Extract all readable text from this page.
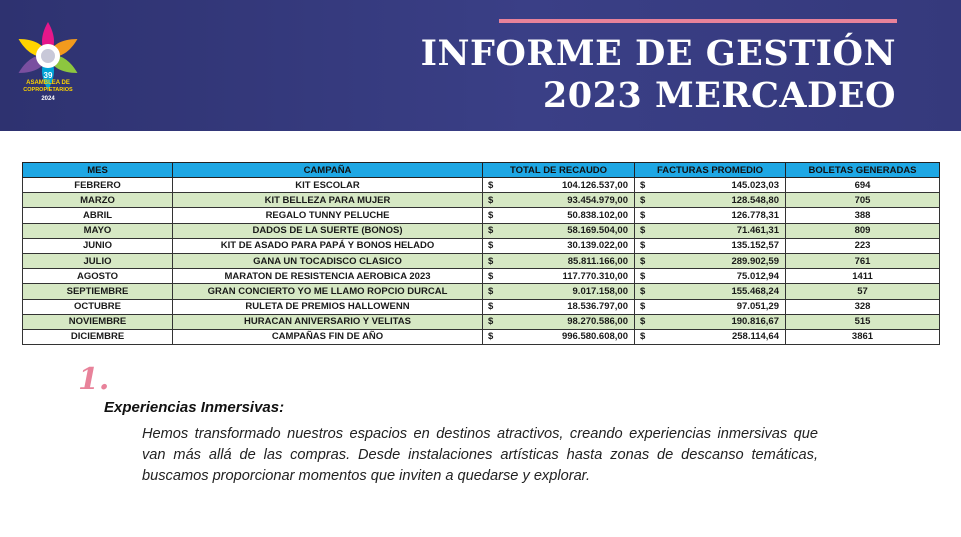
39
ASAMBLEA DE
COPROPIETARIOS
2024
INFORME DE GESTIÓN
2023 MERCADEO
MES	CAMPAÑA	TOTAL DE RECAUDO	FACTURAS PROMEDIO	BOLETAS GENERADAS
FEBRERO	KIT ESCOLAR	$ 104.126.537,00	$ 145.023,03	694
MARZO	KIT BELLEZA PARA MUJER	$ 93.454.979,00	$ 128.548,80	705
ABRIL	REGALO TUNNY PELUCHE	$ 50.838.102,00	$ 126.778,31	388
MAYO	DADOS DE LA SUERTE (BONOS)	$ 58.169.504,00	$ 71.461,31	809
JUNIO	KIT DE ASADO PARA PAPÁ Y BONOS HELADO	$ 30.139.022,00	$ 135.152,57	223
JULIO	GANA UN TOCADISCO CLASICO	$ 85.811.166,00	$ 289.902,59	761
AGOSTO	MARATON DE RESISTENCIA AEROBICA 2023	$ 117.770.310,00	$ 75.012,94	1411
SEPTIEMBRE	GRAN CONCIERTO YO ME LLAMO ROPCIO DURCAL	$ 9.017.158,00	$ 155.468,24	57
OCTUBRE	RULETA DE PREMIOS HALLOWENN	$ 18.536.797,00	$ 97.051,29	328
NOVIEMBRE	HURACAN ANIVERSARIO Y VELITAS	$ 98.270.586,00	$ 190.816,67	515
DICIEMBRE	CAMPAÑAS FIN DE AÑO	$ 996.580.608,00	$ 258.114,64	3861
1.
Experiencias Inmersivas:
Hemos transformado nuestros espacios en destinos atractivos, creando experiencias inmersivas que van más allá de las compras. Desde instalaciones artísticas hasta zonas de descanso temáticas, buscamos proporcionar momentos que inviten a quedarse y explorar.
